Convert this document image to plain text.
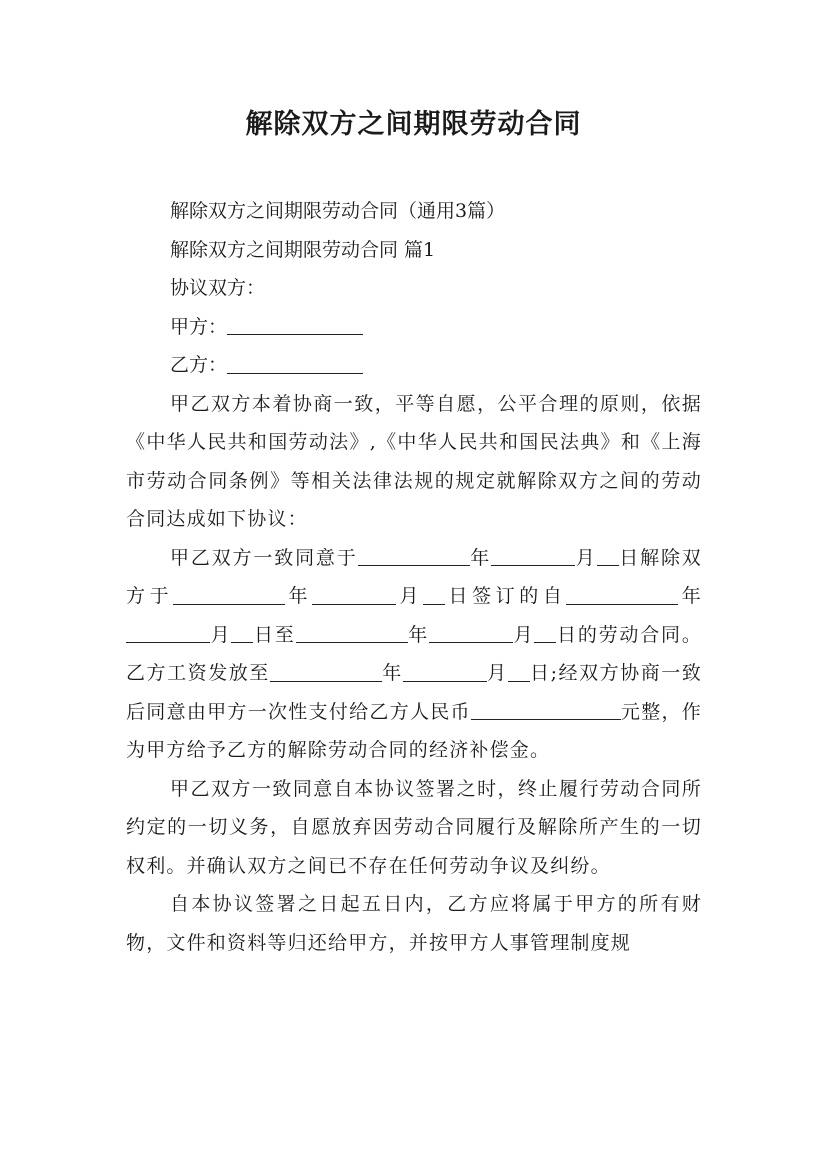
解除双方之间期限劳动合同

解除双方之间期限劳动合同（通用3篇）

解除双方之间期限劳动合同 篇1

协议双方：

甲方：

乙方：

甲乙双方本着协商一致，平等自愿，公平合理的原则，依据《中华人民共和国劳动法》,《中华人民共和国民法典》和《上海市劳动合同条例》等相关法律法规的规定就解除双方之间的劳动合同达成如下协议：

甲乙双方一致同意于	年	月 日解除双方于	年	月 日签订的自	年月 日至	年	月 日的劳动合同。乙方工资发放至	年	月 日;经双方协商一致后同意由甲方一次性支付给乙方人民币	元整，作为甲方给予乙方的解除劳动合同的经济补偿金。

甲乙双方一致同意自本协议签署之时，终止履行劳动合同所约定的一切义务，自愿放弃因劳动合同履行及解除所产生的一切权利。并确认双方之间已不存在任何劳动争议及纠纷。

自本协议签署之日起五日内，乙方应将属于甲方的所有财物，文件和资料等归还给甲方，并按甲方人事管理制度规
